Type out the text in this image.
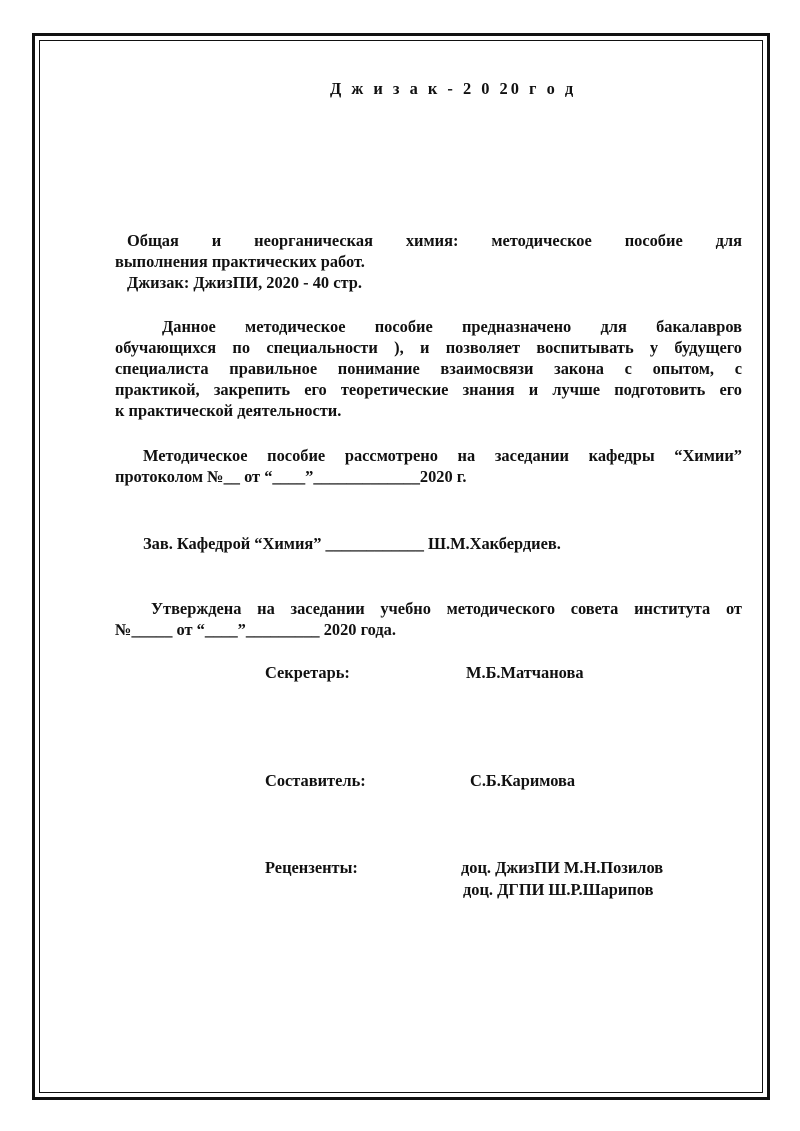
Д ж и з а к - 2 0 20 г о д
Общая и неорганическая химия: методическое пособие для
выполнения практических работ.
Джизак: ДжизПИ, 2020 - 40 стр.
Данное методическое пособие предназначено для бакалавров
обучающихся по специальности ), и позволяет воспитывать у будущего
специалиста правильное понимание взаимосвязи закона с опытом, с
практикой, закрепить его теоретические знания и лучше подготовить его
к практической деятельности.
Методическое пособие рассмотрено на заседании кафедры “Химии”
протоколом №__ от “____”_____________2020 г.
Зав. Кафедрой “Химия” ____________ Ш.М.Хакбердиев.
Утверждена на заседании учебно методического совета института от
№_____ от “____”_________ 2020 года.
Секретарь:	М.Б.Матчанова
Составитель:	С.Б.Каримова
Рецензенты:	доц. ДжизПИ М.Н.Позилов
доц. ДГПИ Ш.Р.Шарипов
